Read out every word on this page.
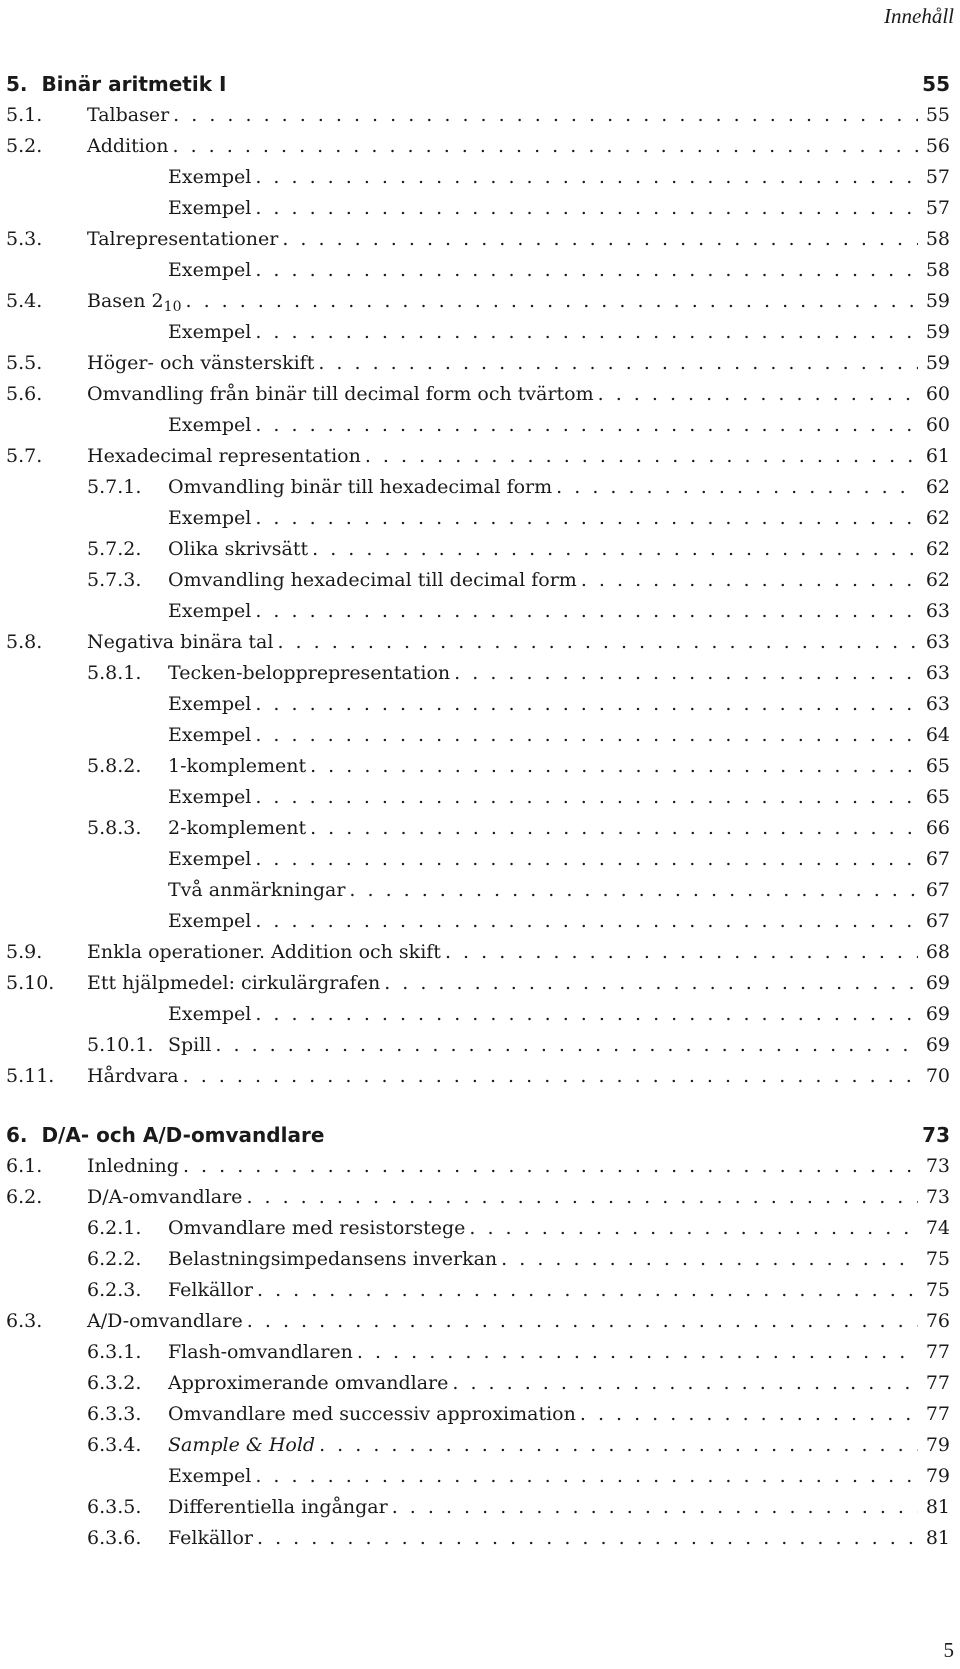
Innehåll
5.  Binär aritmetik I	55
5.1.	Talbaser . . .	55
5.2.	Addition . . .	56
Exempel . . .	57
Exempel . . .	57
5.3.	Talrepresentationer . . .	58
Exempel . . .	58
5.4.	Basen $2_{10}$ . . .	59
Exempel . . .	59
5.5.	Höger- och vänsterskift . . .	59
5.6.	Omvandling från binär till decimal form och tvärtom . . .	60
Exempel . . .	60
5.7.	Hexadecimal representation . . .	61
5.7.1.	Omvandling binär till hexadecimal form . . .	62
Exempel . . .	62
5.7.2.	Olika skrivsätt . . .	62
5.7.3.	Omvandling hexadecimal till decimal form . . .	62
Exempel . . .	63
5.8.	Negativa binära tal . . .	63
5.8.1.	Tecken-belopprepresentation . . .	63
Exempel . . .	63
Exempel . . .	64
5.8.2.	1-komplement . . .	65
Exempel . . .	65
5.8.3.	2-komplement . . .	66
Exempel . . .	67
Två anmärkningar . . .	67
Exempel . . .	67
5.9.	Enkla operationer. Addition och skift . . .	68
5.10.	Ett hjälpmedel: cirkulärgrafen . . .	69
Exempel . . .	69
5.10.1. Spill . . .	69
5.11.	Hårdvara . . .	70
6.  D/A- och A/D-omvandlare	73
6.1.	Inledning . . .	73
6.2.	D/A-omvandlare . . .	73
6.2.1.	Omvandlare med resistorstege . . .	74
6.2.2.	Belastningsimpedansens inverkan . . .	75
6.2.3.	Felkällor . . .	75
6.3.	A/D-omvandlare . . .	76
6.3.1.	Flash-omvandlaren . . .	77
6.3.2.	Approximerande omvandlare . . .	77
6.3.3.	Omvandlare med successiv approximation . . .	77
6.3.4.	Sample & Hold . . .	79
Exempel . . .	79
6.3.5.	Differentiella ingångar . . .	81
6.3.6.	Felkällor . . .	81
5
